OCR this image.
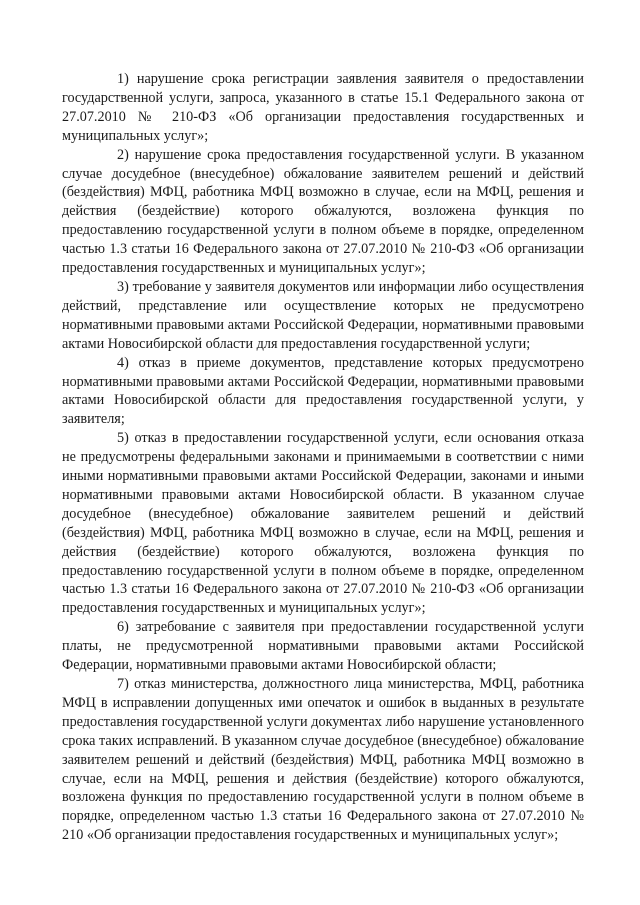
1) нарушение срока регистрации заявления заявителя о предоставлении государственной услуги, запроса, указанного в статье 15.1 Федерального закона от 27.07.2010 № 210-ФЗ «Об организации предоставления государственных и муниципальных услуг»;

2) нарушение срока предоставления государственной услуги. В указанном случае досудебное (внесудебное) обжалование заявителем решений и действий (бездействия) МФЦ, работника МФЦ возможно в случае, если на МФЦ, решения и действия (бездействие) которого обжалуются, возложена функция по предоставлению государственной услуги в полном объеме в порядке, определенном частью 1.3 статьи 16 Федерального закона от 27.07.2010 № 210-ФЗ «Об организации предоставления государственных и муниципальных услуг»;

3) требование у заявителя документов или информации либо осуществления действий, представление или осуществление которых не предусмотрено нормативными правовыми актами Российской Федерации, нормативными правовыми актами Новосибирской области для предоставления государственной услуги;

4) отказ в приеме документов, представление которых предусмотрено нормативными правовыми актами Российской Федерации, нормативными правовыми актами Новосибирской области для предоставления государственной услуги, у заявителя;

5) отказ в предоставлении государственной услуги, если основания отказа не предусмотрены федеральными законами и принимаемыми в соответствии с ними иными нормативными правовыми актами Российской Федерации, законами и иными нормативными правовыми актами Новосибирской области. В указанном случае досудебное (внесудебное) обжалование заявителем решений и действий (бездействия) МФЦ, работника МФЦ возможно в случае, если на МФЦ, решения и действия (бездействие) которого обжалуются, возложена функция по предоставлению государственной услуги в полном объеме в порядке, определенном частью 1.3 статьи 16 Федерального закона от 27.07.2010 № 210-ФЗ «Об организации предоставления государственных и муниципальных услуг»;

6) затребование с заявителя при предоставлении государственной услуги платы, не предусмотренной нормативными правовыми актами Российской Федерации, нормативными правовыми актами Новосибирской области;

7) отказ министерства, должностного лица министерства, МФЦ, работника МФЦ в исправлении допущенных ими опечаток и ошибок в выданных в результате предоставления государственной услуги документах либо нарушение установленного срока таких исправлений. В указанном случае досудебное (внесудебное) обжалование заявителем решений и действий (бездействия) МФЦ, работника МФЦ возможно в случае, если на МФЦ, решения и действия (бездействие) которого обжалуются, возложена функция по предоставлению государственной услуги в полном объеме в порядке, определенном частью 1.3 статьи 16 Федерального закона от 27.07.2010 № 210 «Об организации предоставления государственных и муниципальных услуг»;
